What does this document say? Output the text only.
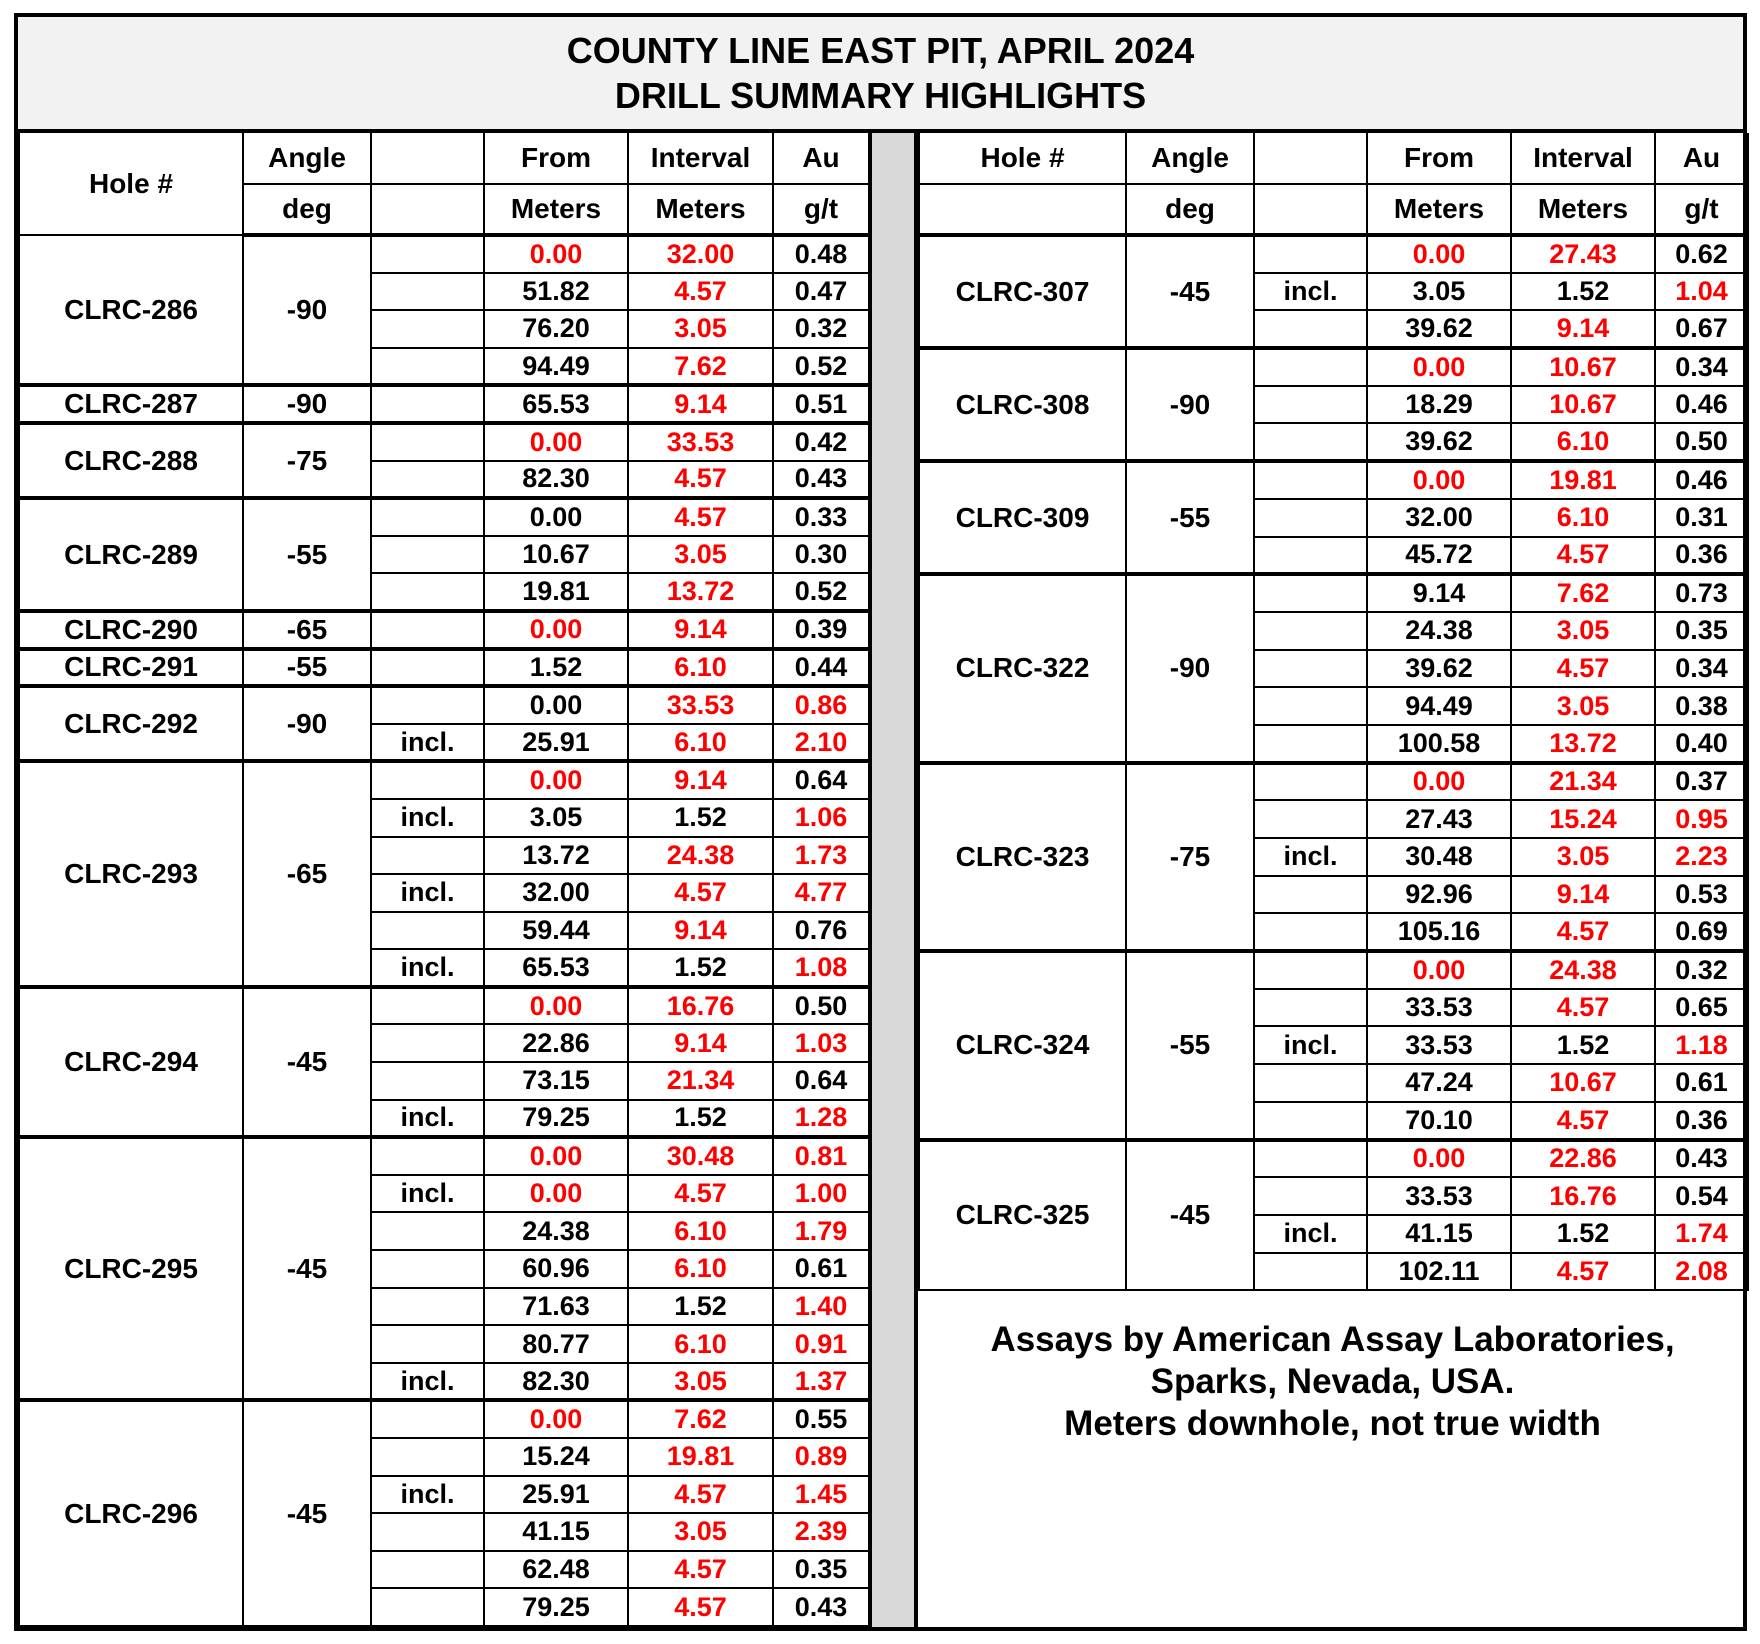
COUNTY LINE EAST PIT, APRIL 2024
DRILL SUMMARY HIGHLIGHTS
Hole #	Angle		From	Interval	Au
	deg		Meters	Meters	g/t
CLRC-286	-90		0.00	32.00	0.48
			51.82	4.57	0.47
			76.20	3.05	0.32
			94.49	7.62	0.52
CLRC-287	-90		65.53	9.14	0.51
CLRC-288	-75		0.00	33.53	0.42
			82.30	4.57	0.43
CLRC-289	-55		0.00	4.57	0.33
			10.67	3.05	0.30
			19.81	13.72	0.52
CLRC-290	-65		0.00	9.14	0.39
CLRC-291	-55		1.52	6.10	0.44
CLRC-292	-90		0.00	33.53	0.86
		incl.	25.91	6.10	2.10
CLRC-293	-65		0.00	9.14	0.64
		incl.	3.05	1.52	1.06
			13.72	24.38	1.73
		incl.	32.00	4.57	4.77
			59.44	9.14	0.76
		incl.	65.53	1.52	1.08
CLRC-294	-45		0.00	16.76	0.50
			22.86	9.14	1.03
			73.15	21.34	0.64
		incl.	79.25	1.52	1.28
CLRC-295	-45		0.00	30.48	0.81
		incl.	0.00	4.57	1.00
			24.38	6.10	1.79
			60.96	6.10	0.61
			71.63	1.52	1.40
			80.77	6.10	0.91
		incl.	82.30	3.05	1.37
CLRC-296	-45		0.00	7.62	0.55
			15.24	19.81	0.89
		incl.	25.91	4.57	1.45
			41.15	3.05	2.39
			62.48	4.57	0.35
			79.25	4.57	0.43
Hole #	Angle		From	Interval	Au
	deg		Meters	Meters	g/t
CLRC-307	-45		0.00	27.43	0.62
		incl.	3.05	1.52	1.04
			39.62	9.14	0.67
CLRC-308	-90		0.00	10.67	0.34
			18.29	10.67	0.46
			39.62	6.10	0.50
CLRC-309	-55		0.00	19.81	0.46
			32.00	6.10	0.31
			45.72	4.57	0.36
CLRC-322	-90		9.14	7.62	0.73
			24.38	3.05	0.35
			39.62	4.57	0.34
			94.49	3.05	0.38
			100.58	13.72	0.40
CLRC-323	-75		0.00	21.34	0.37
			27.43	15.24	0.95
		incl.	30.48	3.05	2.23
			92.96	9.14	0.53
			105.16	4.57	0.69
CLRC-324	-55		0.00	24.38	0.32
			33.53	4.57	0.65
		incl.	33.53	1.52	1.18
			47.24	10.67	0.61
			70.10	4.57	0.36
CLRC-325	-45		0.00	22.86	0.43
			33.53	16.76	0.54
		incl.	41.15	1.52	1.74
			102.11	4.57	2.08
Assays by American Assay Laboratories,
Sparks, Nevada, USA.
Meters downhole, not true width
